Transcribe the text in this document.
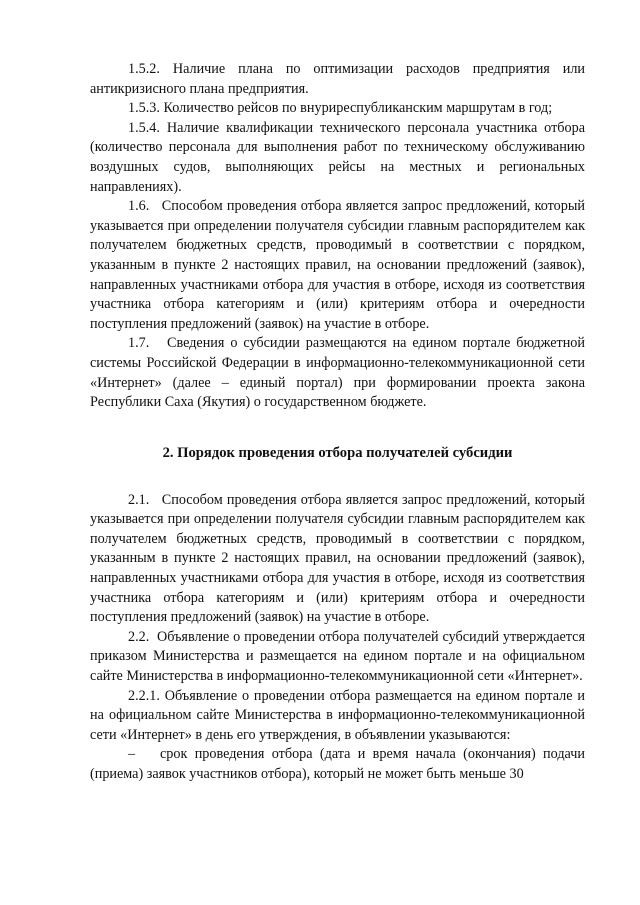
1.5.2. Наличие плана по оптимизации расходов предприятия или антикризисного плана предприятия.

1.5.3. Количество рейсов по внуриреспубликанским маршрутам в год;

1.5.4. Наличие квалификации технического персонала участника отбора (количество персонала для выполнения работ по техническому обслуживанию воздушных судов, выполняющих рейсы на местных и региональных направлениях).

1.6.   Способом проведения отбора является запрос предложений, который указывается при определении получателя субсидии главным распорядителем как получателем бюджетных средств, проводимый в соответствии с порядком, указанным в пункте 2 настоящих правил, на основании предложений (заявок), направленных участниками отбора для участия в отборе, исходя из соответствия участника отбора категориям и (или) критериям отбора и очередности поступления предложений (заявок) на участие в отборе.

1.7.   Сведения о субсидии размещаются на едином портале бюджетной системы Российской Федерации в информационно-телекоммуникационной сети «Интернет» (далее – единый портал) при формировании проекта закона Республики Саха (Якутия) о государственном бюджете.

2. Порядок проведения отбора получателей субсидии

2.1.   Способом проведения отбора является запрос предложений, который указывается при определении получателя субсидии главным распорядителем как получателем бюджетных средств, проводимый в соответствии с порядком, указанным в пункте 2 настоящих правил, на основании предложений (заявок), направленных участниками отбора для участия в отборе, исходя из соответствия участника отбора категориям и (или) критериям отбора и очередности поступления предложений (заявок) на участие в отборе.

2.2.  Объявление о проведении отбора получателей субсидий утверждается приказом Министерства и размещается на едином портале и на официальном сайте Министерства в информационно-телекоммуникационной сети «Интернет».

2.2.1. Объявление о проведении отбора размещается на едином портале и на официальном сайте Министерства в информационно-телекоммуникационной сети «Интернет» в день его утверждения, в объявлении указываются:

– срок проведения отбора (дата и время начала (окончания) подачи (приема) заявок участников отбора), который не может быть меньше 30
